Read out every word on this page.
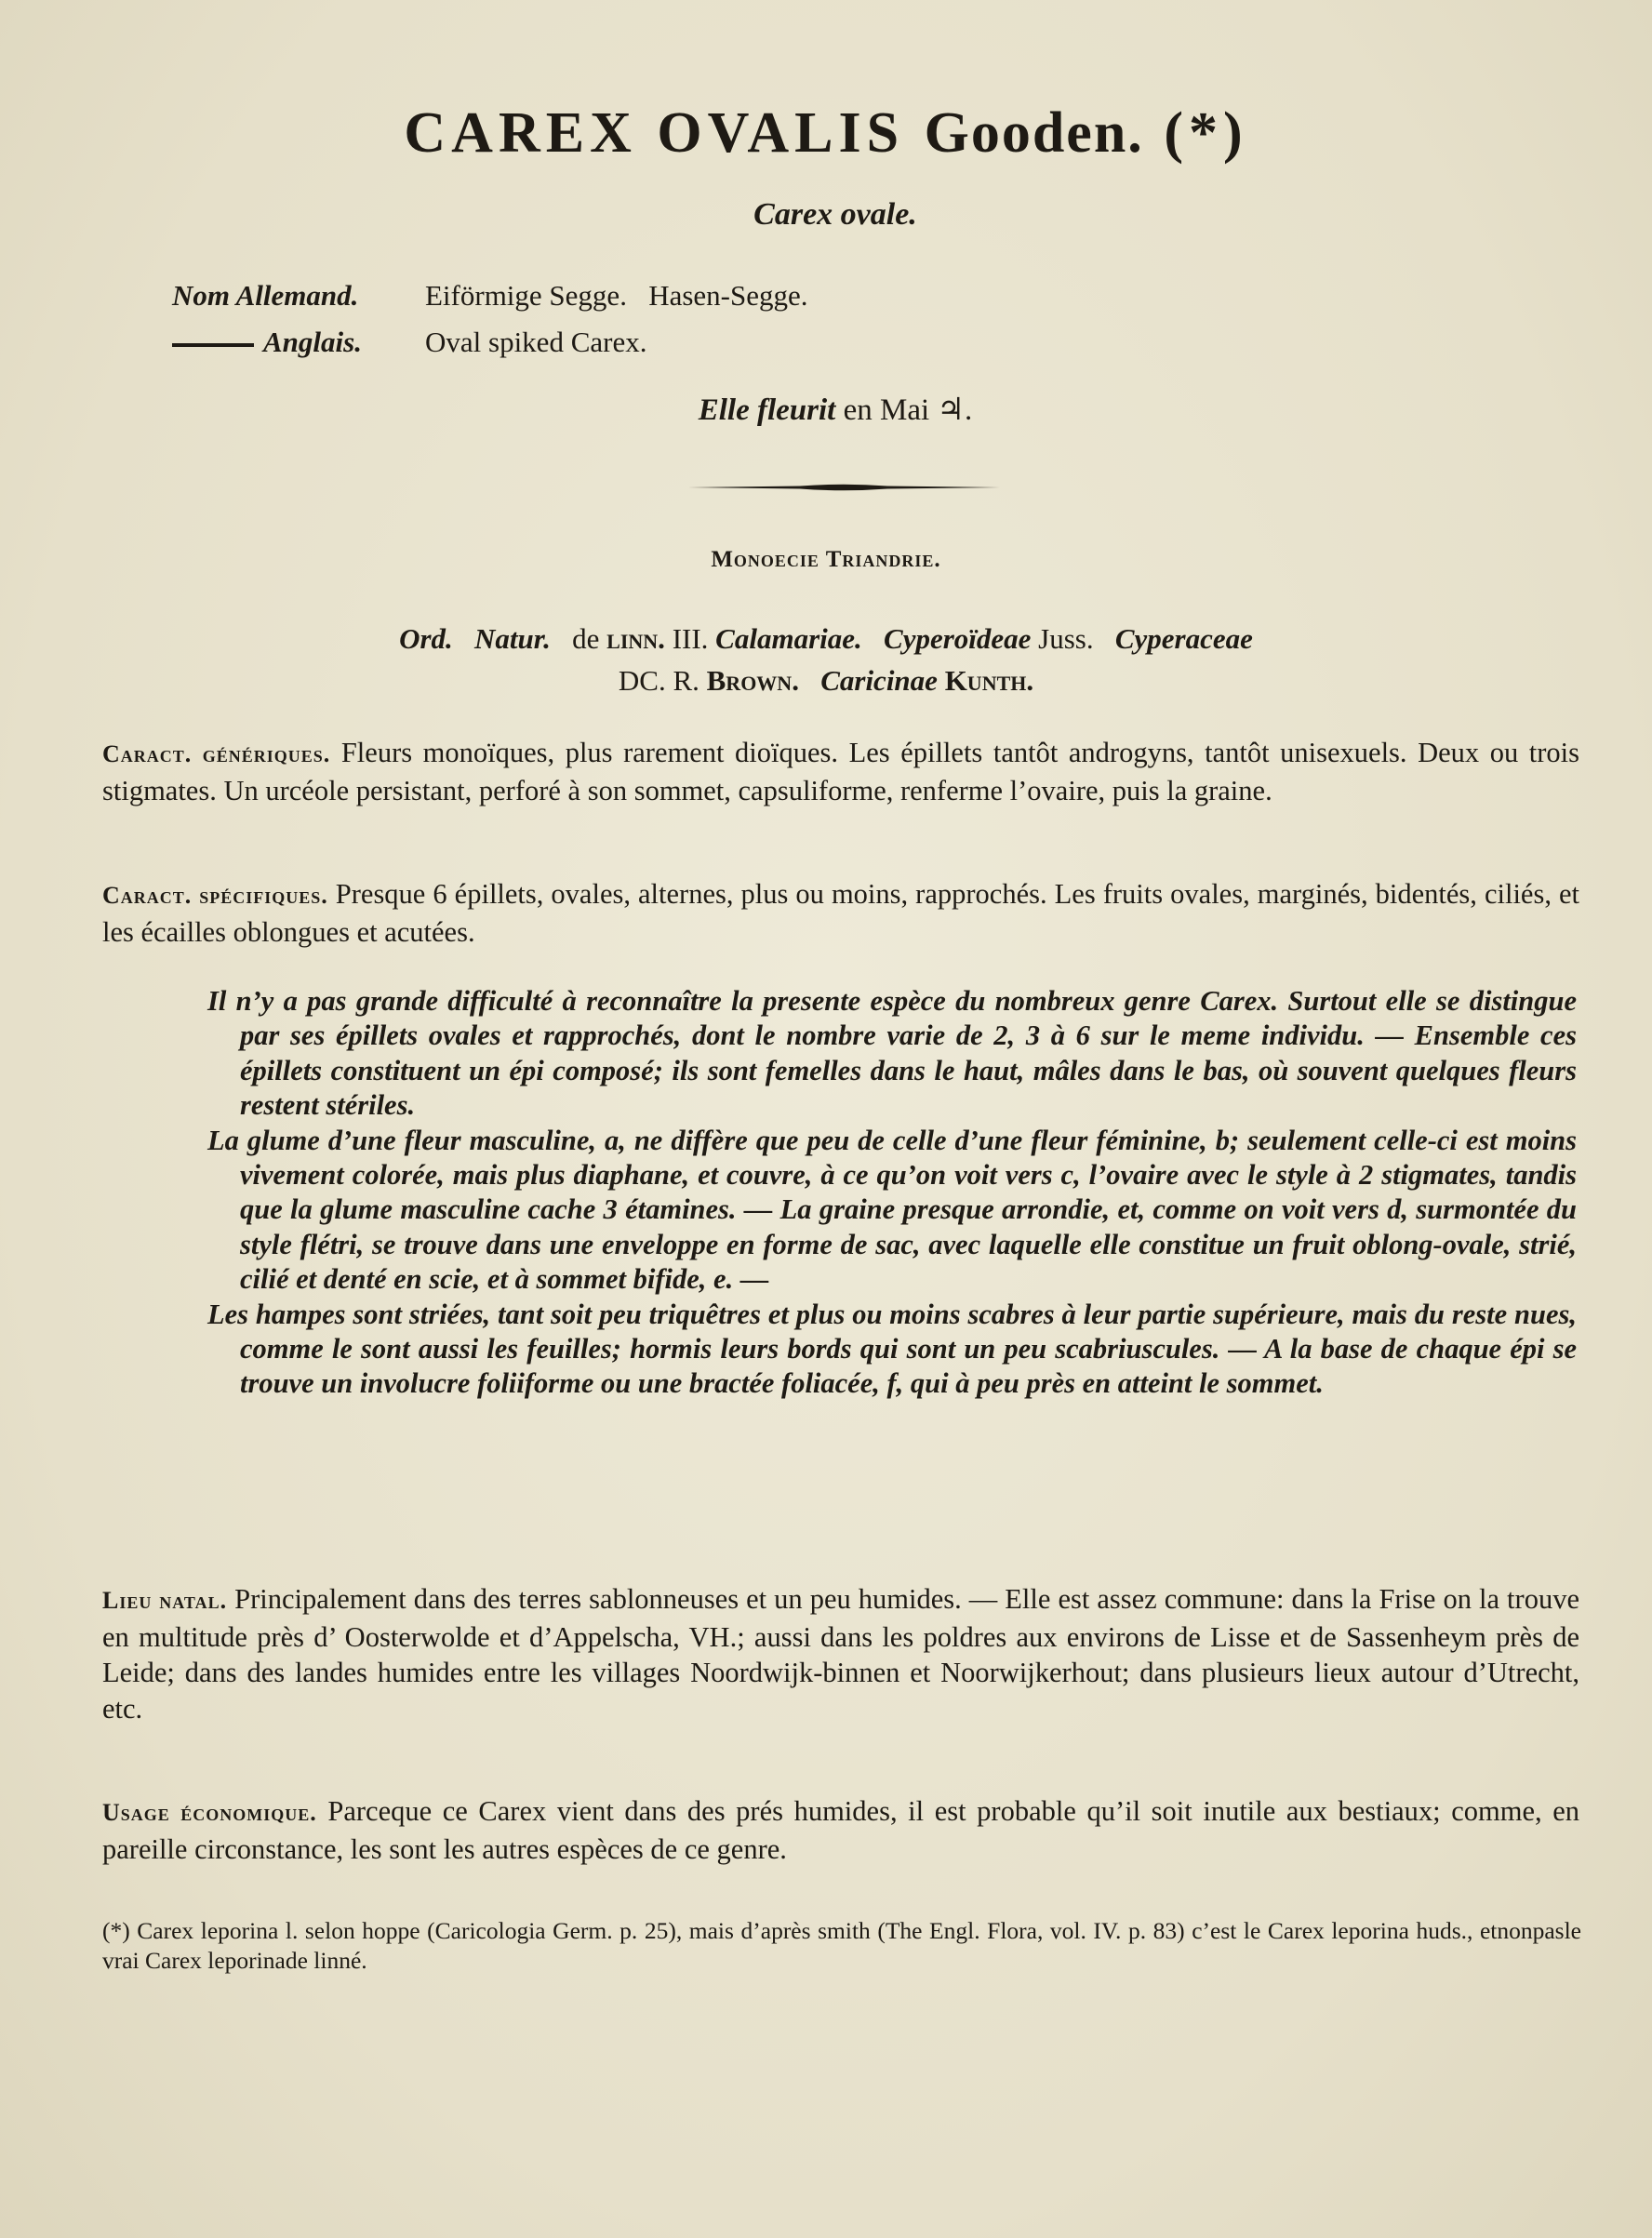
CAREX OVALIS Gooden. (*)
Carex ovale.
Nom Allemand. Eiförmige Segge.   Hasen-Segge.
Anglais. Oval spiked Carex.
Elle fleurit en Mai ♃.
Monoecie Triandrie.
Ord. Natur. de linn. III. Calamariae. Cyperoïdeae Juss. Cyperaceae
DC. R. Brown. Caricinae Kunth.
Caract. génériques. Fleurs monoïques, plus rarement dioïques. Les épillets tantôt androgyns, tantôt unisexuels. Deux ou trois stigmates. Un urcéole persistant, perforé à son sommet, capsuliforme, renferme l’ovaire, puis la graine.
Caract. spécifiques. Presque 6 épillets, ovales, alternes, plus ou moins, rapprochés. Les fruits ovales, marginés, bidentés, ciliés, et les écailles oblongues et acutées.

Il n’y a pas grande difficulté à reconnaître la presente espèce du nombreux genre Carex. Surtout elle se distingue par ses épillets ovales et rapprochés, dont le nombre varie de 2, 3 à 6 sur le meme individu. — Ensemble ces épillets constituent un épi composé; ils sont femelles dans le haut, mâles dans le bas, où souvent quelques fleurs restent stériles.

La glume d’une fleur masculine, a, ne diffère que peu de celle d’une fleur féminine, b; seulement celle-ci est moins vivement colorée, mais plus diaphane, et couvre, à ce qu’on voit vers c, l’ovaire avec le style à 2 stigmates, tandis que la glume masculine cache 3 étamines. — La graine presque arrondie, et, comme on voit vers d, surmontée du style flétri, se trouve dans une enveloppe en forme de sac, avec laquelle elle constitue un fruit oblong-ovale, strié, cilié et denté en scie, et à sommet bifide, e. —

Les hampes sont striées, tant soit peu triquêtres et plus ou moins scabres à leur partie supérieure, mais du reste nues, comme le sont aussi les feuilles; hormis leurs bords qui sont un peu scabriuscules. — A la base de chaque épi se trouve un involucre foliiforme ou une bractée foliacée, f, qui à peu près en atteint le sommet.

Lieu natal. Principalement dans des terres sablonneuses et un peu humides. — Elle est assez commune: dans la Frise on la trouve en multitude près d’ Oosterwolde et d’Appelscha, VH.; aussi dans les poldres aux environs de Lisse et de Sassenheym près de Leide; dans des landes humides entre les villages Noordwijk-binnen et Noorwijkerhout; dans plusieurs lieux autour d’Utrecht, etc.
Usage économique. Parceque ce Carex vient dans des prés humides, il est probable qu’il soit inutile aux bestiaux; comme, en pareille circonstance, les sont les autres espèces de ce genre.
(*) Carex leporina l. selon hoppe (Caricologia Germ. p. 25), mais d’après smith (The Engl. Flora, vol. IV. p. 83) c’est le Carex leporina huds., etnonpasle vrai Carex leporinade linné.
